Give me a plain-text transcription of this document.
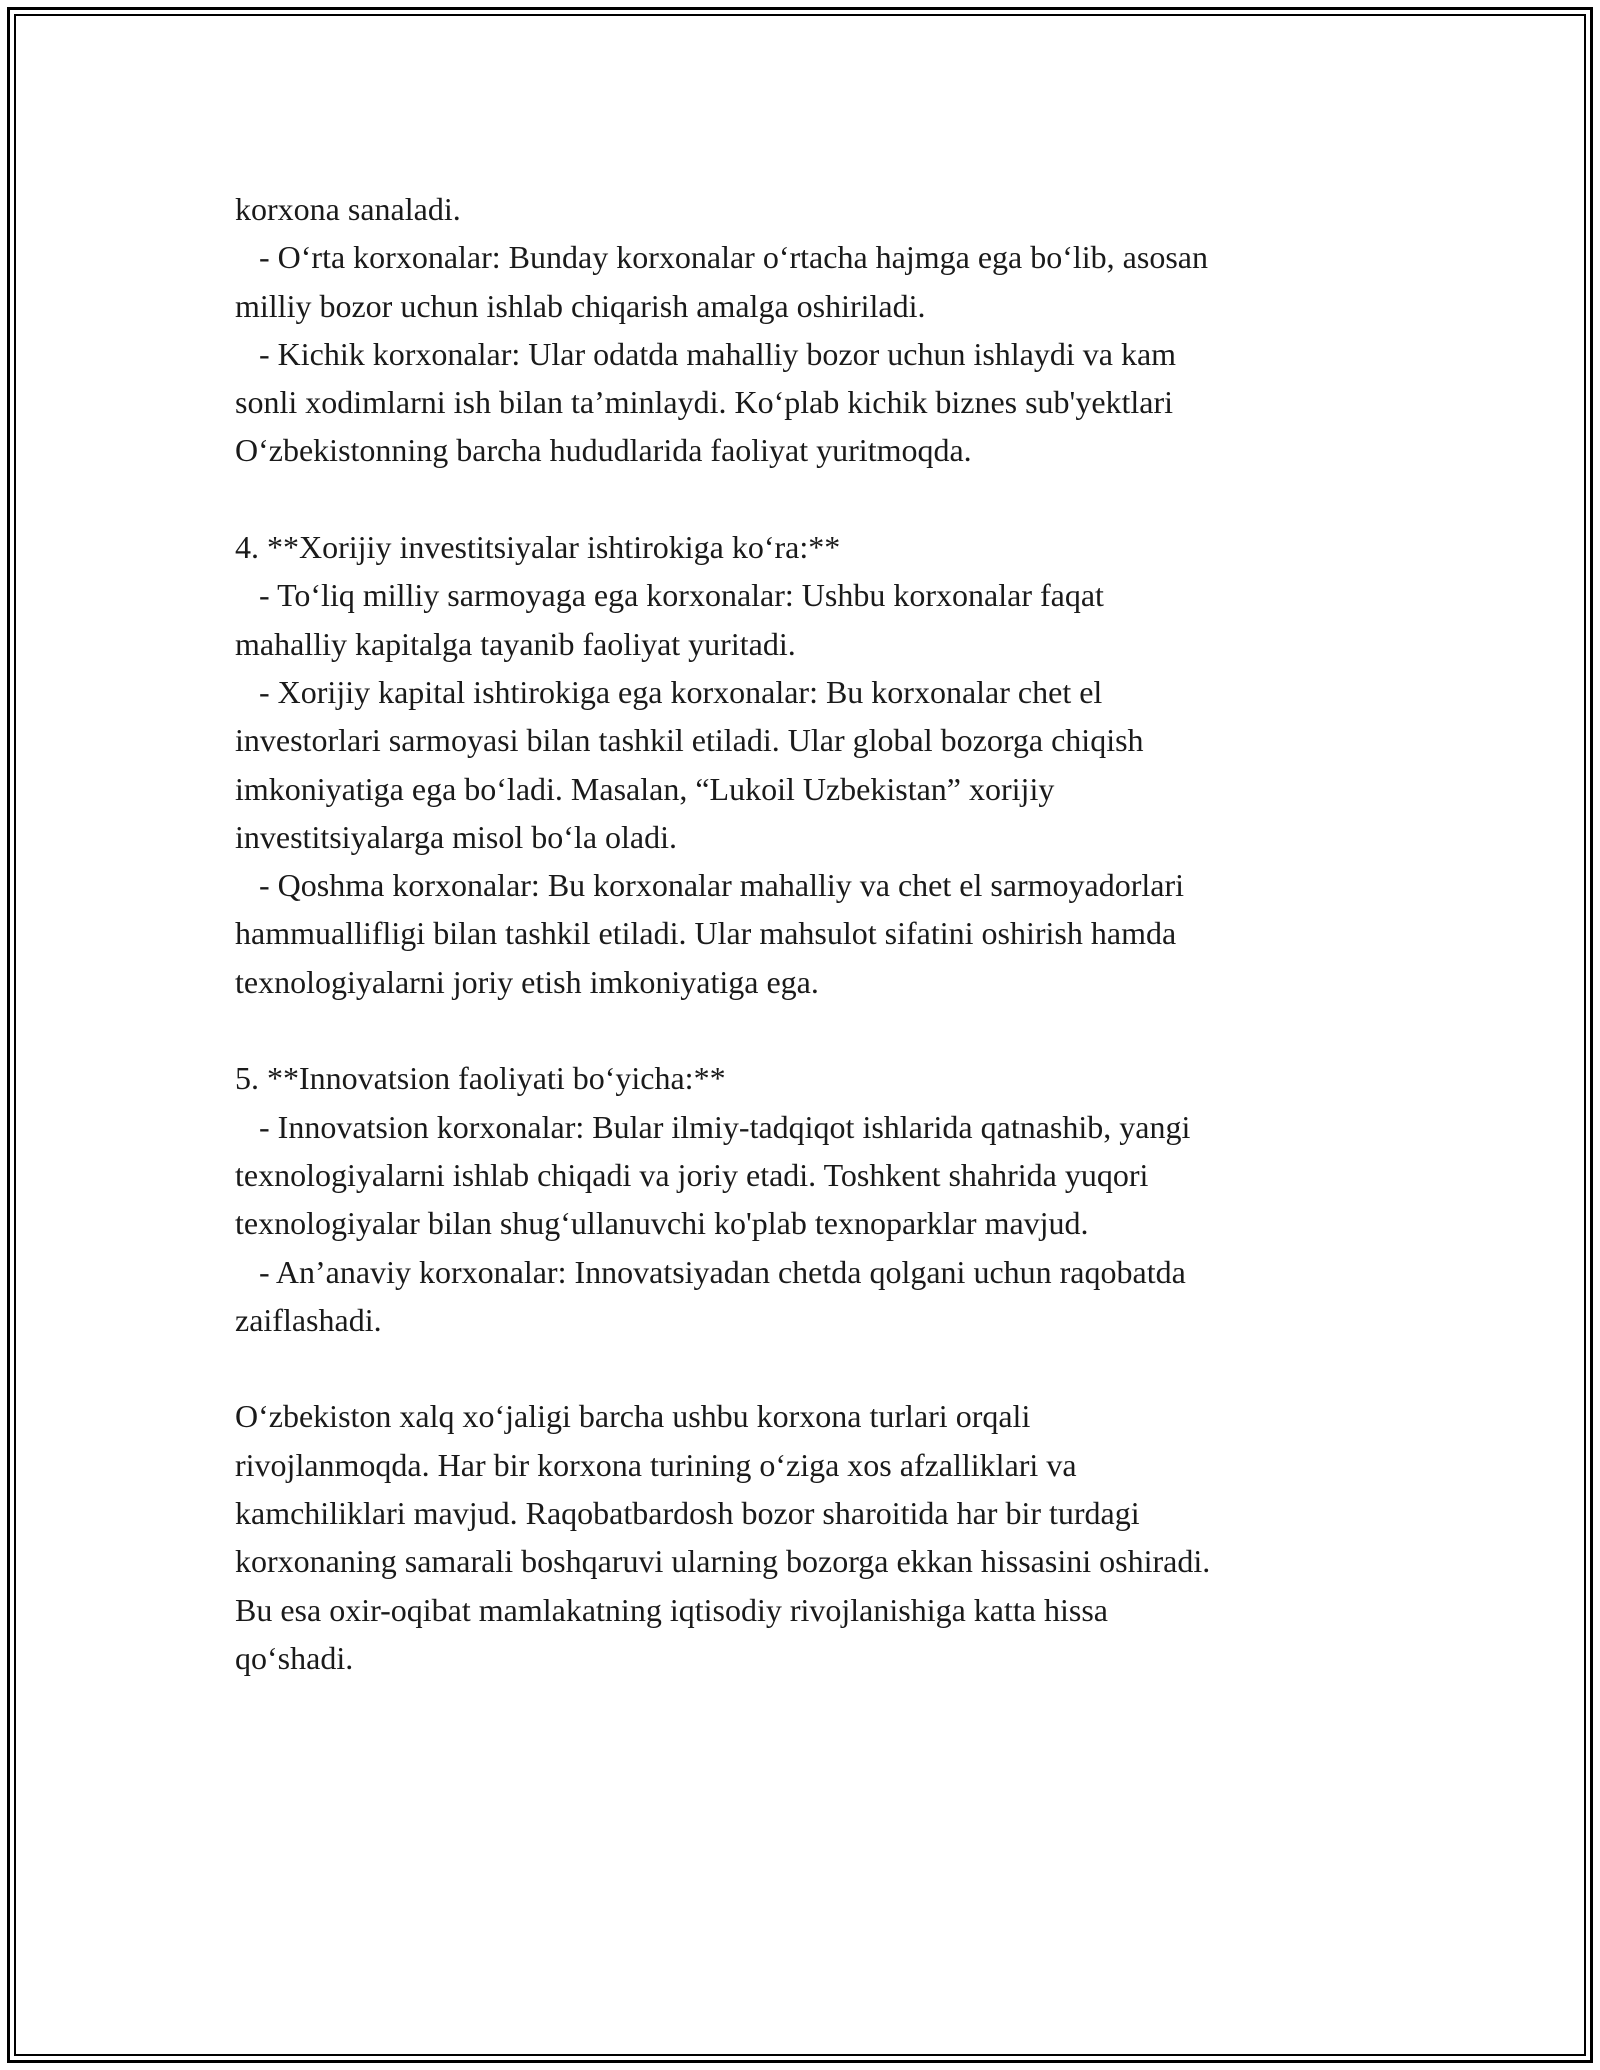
korxona sanaladi.
- O‘rta korxonalar: Bunday korxonalar o‘rtacha hajmga ega bo‘lib, asosan
milliy bozor uchun ishlab chiqarish amalga oshiriladi.
- Kichik korxonalar: Ular odatda mahalliy bozor uchun ishlaydi va kam
sonli xodimlarni ish bilan ta’minlaydi. Ko‘plab kichik biznes sub'yektlari
O‘zbekistonning barcha hududlarida faoliyat yuritmoqda.
4. **Xorijiy investitsiyalar ishtirokiga ko‘ra:**
- To‘liq milliy sarmoyaga ega korxonalar: Ushbu korxonalar faqat
mahalliy kapitalga tayanib faoliyat yuritadi.
- Xorijiy kapital ishtirokiga ega korxonalar: Bu korxonalar chet el
investorlari sarmoyasi bilan tashkil etiladi. Ular global bozorga chiqish
imkoniyatiga ega bo‘ladi. Masalan, “Lukoil Uzbekistan” xorijiy
investitsiyalarga misol bo‘la oladi.
- Qoshma korxonalar: Bu korxonalar mahalliy va chet el sarmoyadorlari
hammuallifligi bilan tashkil etiladi. Ular mahsulot sifatini oshirish hamda
texnologiyalarni joriy etish imkoniyatiga ega.
5. **Innovatsion faoliyati bo‘yicha:**
- Innovatsion korxonalar: Bular ilmiy-tadqiqot ishlarida qatnashib, yangi
texnologiyalarni ishlab chiqadi va joriy etadi. Toshkent shahrida yuqori
texnologiyalar bilan shug‘ullanuvchi ko'plab texnoparklar mavjud.
- An’anaviy korxonalar: Innovatsiyadan chetda qolgani uchun raqobatda
zaiflashadi.
O‘zbekiston xalq xo‘jaligi barcha ushbu korxona turlari orqali
rivojlanmoqda. Har bir korxona turining o‘ziga xos afzalliklari va
kamchiliklari mavjud. Raqobatbardosh bozor sharoitida har bir turdagi
korxonaning samarali boshqaruvi ularning bozorga ekkan hissasini oshiradi.
Bu esa oxir-oqibat mamlakatning iqtisodiy rivojlanishiga katta hissa
qo‘shadi.
